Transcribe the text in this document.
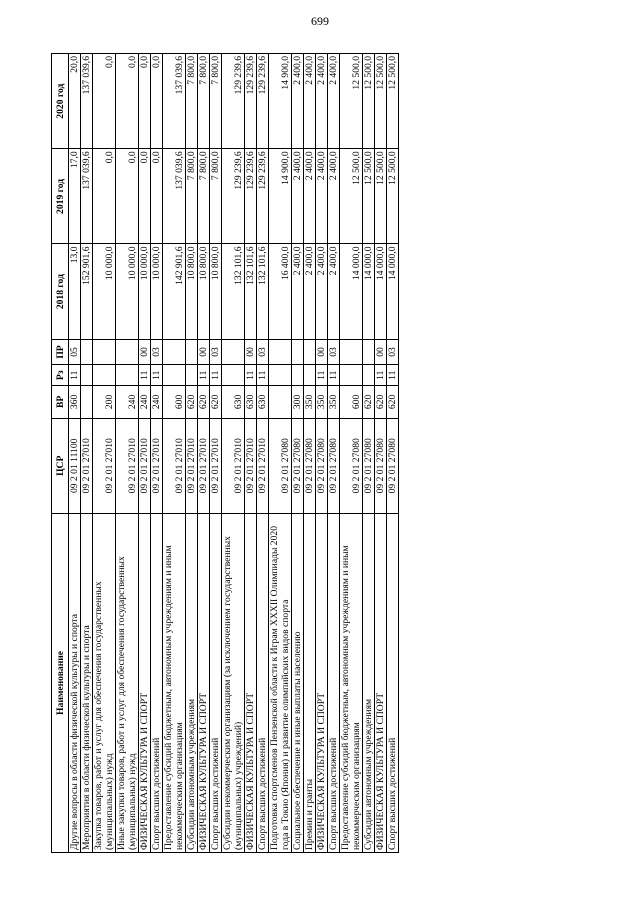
699
Наименование	ЦСР	ВР	Рз	ПР	2018 год	2019 год	2020 год
Другие вопросы в области физической культуры и спорта	09 2 01 11100	360	11	05	13,0	17,0	20,0
Мероприятия в области физической культуры и спорта	09 2 01 27010				152 901,6	137 039,6	137 039,6
Закупка товаров, работ и услуг для обеспечения государственных (муниципальных) нужд	09 2 01 27010	200			10 000,0	0,0	0,0
Иные закупки товаров, работ и услуг для обеспечения государственных (муниципальных) нужд	09 2 01 27010	240			10 000,0	0,0	0,0
ФИЗИЧЕСКАЯ КУЛЬТУРА И СПОРТ	09 2 01 27010	240	11	00	10 000,0	0,0	0,0
Спорт высших достижений	09 2 01 27010	240	11	03	10 000,0	0,0	0,0
Предоставление субсидий бюджетным, автономным учреждениям и иным некоммерческим организациям	09 2 01 27010	600			142 901,6	137 039,6	137 039,6
Субсидии автономным учреждениям	09 2 01 27010	620			10 800,0	7 800,0	7 800,0
ФИЗИЧЕСКАЯ КУЛЬТУРА И СПОРТ	09 2 01 27010	620	11	00	10 800,0	7 800,0	7 800,0
Спорт высших достижений	09 2 01 27010	620	11	03	10 800,0	7 800,0	7 800,0
Субсидии некоммерческим организациям (за исключением государственных (муниципальных) учреждений)	09 2 01 27010	630			132 101,6	129 239,6	129 239,6
ФИЗИЧЕСКАЯ КУЛЬТУРА И СПОРТ	09 2 01 27010	630	11	00	132 101,6	129 239,6	129 239,6
Спорт высших достижений	09 2 01 27010	630	11	03	132 101,6	129 239,6	129 239,6
Подготовка спортсменов Пензенской области к Играм XXXII Олимпиады 2020 года в Токио (Япония) и развитие олимпийских видов спорта	09 2 01 27080				16 400,0	14 900,0	14 900,0
Социальное обеспечение и иные выплаты населению	09 2 01 27080	300			2 400,0	2 400,0	2 400,0
Премии и гранты	09 2 01 27080	350			2 400,0	2 400,0	2 400,0
ФИЗИЧЕСКАЯ КУЛЬТУРА И СПОРТ	09 2 01 27080	350	11	00	2 400,0	2 400,0	2 400,0
Спорт высших достижений	09 2 01 27080	350	11	03	2 400,0	2 400,0	2 400,0
Предоставление субсидий бюджетным, автономным учреждениям и иным некоммерческим организациям	09 2 01 27080	600			14 000,0	12 500,0	12 500,0
Субсидии автономным учреждениям	09 2 01 27080	620			14 000,0	12 500,0	12 500,0
ФИЗИЧЕСКАЯ КУЛЬТУРА И СПОРТ	09 2 01 27080	620	11	00	14 000,0	12 500,0	12 500,0
Спорт высших достижений	09 2 01 27080	620	11	03	14 000,0	12 500,0	12 500,0
